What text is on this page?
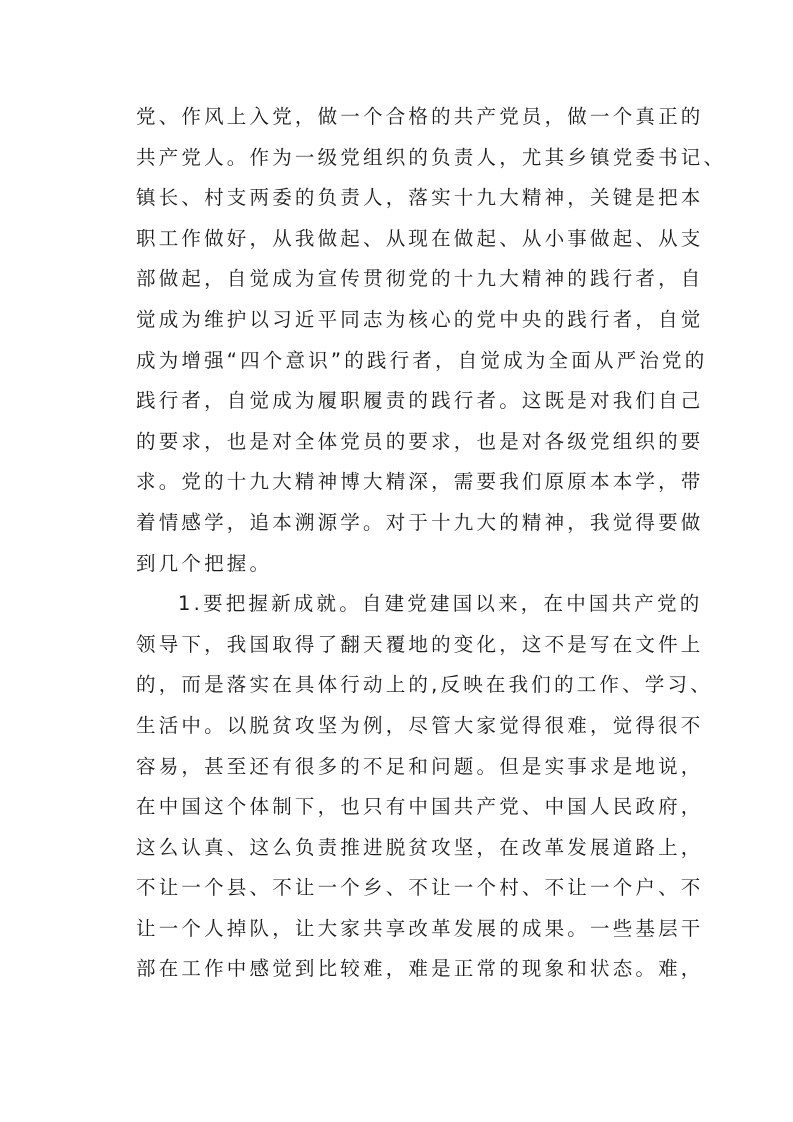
党、作风上入党，做一个合格的共产党员，做一个真正的
共产党人。作为一级党组织的负责人，尤其乡镇党委书记、
镇长、村支两委的负责人，落实十九大精神，关键是把本
职工作做好，从我做起、从现在做起、从小事做起、从支
部做起，自觉成为宣传贯彻党的十九大精神的践行者，自
觉成为维护以习近平同志为核心的党中央的践行者，自觉
成为增强“四个意识”的践行者，自觉成为全面从严治党的
践行者，自觉成为履职履责的践行者。这既是对我们自己
的要求，也是对全体党员的要求，也是对各级党组织的要
求。党的十九大精神博大精深，需要我们原原本本学，带
着情感学，追本溯源学。对于十九大的精神，我觉得要做
到几个把握。
1.要把握新成就。自建党建国以来，在中国共产党的
领导下，我国取得了翻天覆地的变化，这不是写在文件上
的，而是落实在具体行动上的,反映在我们的工作、学习、
生活中。以脱贫攻坚为例，尽管大家觉得很难，觉得很不
容易，甚至还有很多的不足和问题。但是实事求是地说，
在中国这个体制下，也只有中国共产党、中国人民政府，
这么认真、这么负责推进脱贫攻坚，在改革发展道路上，
不让一个县、不让一个乡、不让一个村、不让一个户、不
让一个人掉队，让大家共享改革发展的成果。一些基层干
部在工作中感觉到比较难，难是正常的现象和状态。难，
